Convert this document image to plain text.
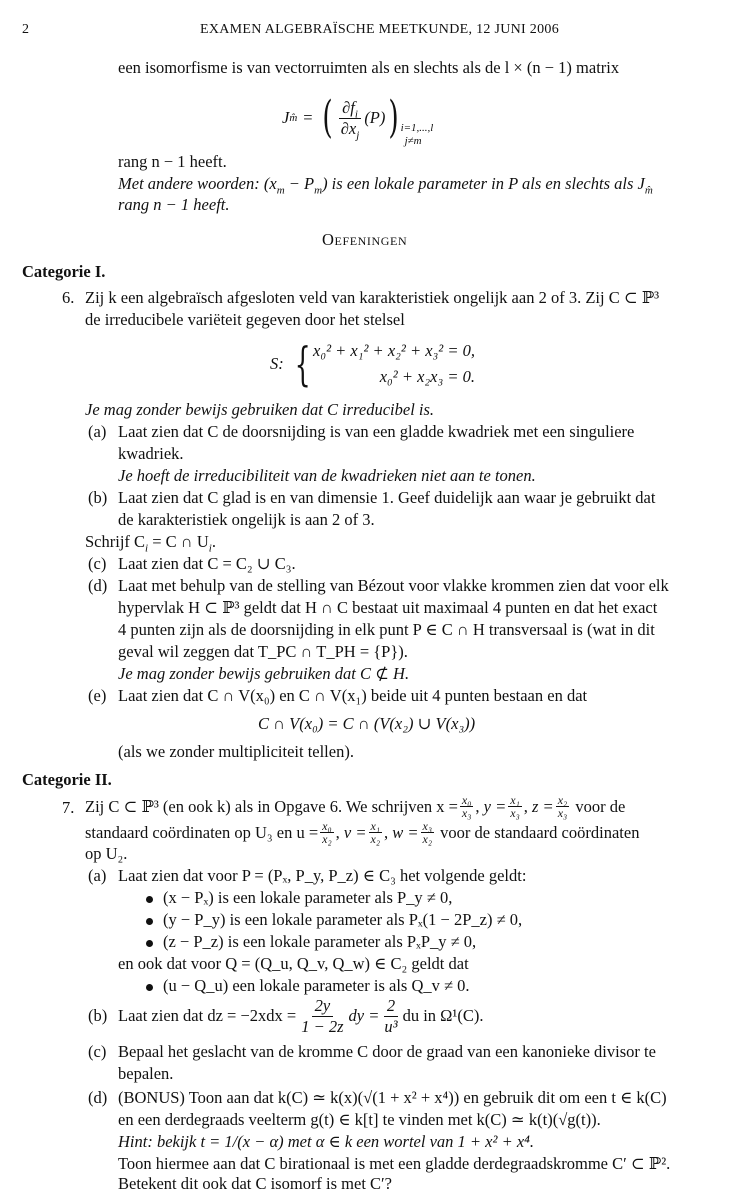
2	EXAMEN ALGEBRAÏSCHE MEETKUNDE, 12 JUNI 2006
een isomorfisme is van vectorruimten als en slechts als de l × (n − 1) matrix
J m̂ = ( $\partial f_i$
$\partial x_j$
(P) ) i=1,...,l
j≠m
rang n − 1 heeft.
Met andere woorden: $(x_m - P_m)$ is een lokale parameter in P als en slechts als $J_{m̂}$
rang n − 1 heeft.
Oefeningen
Categorie I.
6. Zij k een algebraïsch afgesloten veld van karakteristiek ongelijk aan 2 of 3. Zij C ⊂ ℙ³
de irreducibele variëteit gegeven door het stelsel
S: { x₀² + x₁² + x₂² + x₃² = 0,
x₀² + x₂x₃ = 0.
Je mag zonder bewijs gebruiken dat C irreducibel is.
(a) Laat zien dat C de doorsnijding is van een gladde kwadriek met een singuliere
kwadriek.
Je hoeft de irreducibiliteit van de kwadrieken niet aan te tonen.
(b) Laat zien dat C glad is en van dimensie 1. Geef duidelijk aan waar je gebruikt dat
de karakteristiek ongelijk is aan 2 of 3.
Schrijf $C_i = C$ ∩ $U_i$.
(c) Laat zien dat C = C₂ ∪ C₃.
(d) Laat met behulp van de stelling van Bézout voor vlakke krommen zien dat voor elk
hypervlak H ⊂ ℙ³ geldt dat H ∩ C bestaat uit maximaal 4 punten en dat het exact
4 punten zijn als de doorsnijding in elk punt P ∈ C ∩ H transversaal is (wat in dit
geval wil zeggen dat T_PC ∩ T_PH = {P}).
Je mag zonder bewijs gebruiken dat C ⊄ H.
(e) Laat zien dat C ∩ V(x₀) en C ∩ V(x₁) beide uit 4 punten bestaan en dat
C ∩ V(x₀) = C ∩ (V(x₂) ∪ V(x₃))
(als we zonder multipliciteit tellen).
Categorie II.
7. Zij C ⊂ ℙ³ (en ook k) als in Opgave 6. We schrijven $x = \frac{\text{x₀}}{\text{x₃}}$ , $y = \frac{\text{x₁}}{\text{x₃}}$ , $z = \frac{\text{x₂}}{\text{x₃}}$
voor de
standaard coördinaten op U₃ en $u = \frac{\text{x₀}}{\text{x₂}}$ , $v = \frac{\text{x₁}}{\text{x₂}}$ , $w = \frac{\text{x₃}}{\text{x₂}}$
voor de standaard coördinaten
op U₂.
(a) Laat zien dat voor P = (Pₓ, P_y, P_z) ∈ C₃ het volgende geldt:
(x − Pₓ) is een lokale parameter als P_y ≠ 0,
(y − P_y) is een lokale parameter als Pₓ(1 − 2P_z) ≠ 0,
(z − P_z) is een lokale parameter als PₓP_y ≠ 0,
en ook dat voor Q = (Q_u, Q_v, Q_w) ∈ C₂ geldt dat
(u − Q_u) een lokale parameter is als Q_v ≠ 0.
(b) Laat zien dat dz = $-2xdx = \frac{2y}{1 - 2z}$ dy = $\frac{2}{\text{u³}}$ du in Ω¹(C).
(c) Bepaal het geslacht van de kromme C door de graad van een kanonieke divisor te
bepalen.
(d) (BONUS) Toon aan dat k(C) ≃ k(x)(√(1 + x² + x⁴)) en gebruik dit om een t ∈ k(C)
en een derdegraads veelterm g(t) ∈ k[t] te vinden met k(C) ≃ k(t)(√g(t)).
Hint: bekijk t = 1/(x − α) met α ∈ k een wortel van 1 + x² + x⁴.
Toon hiermee aan dat C birationaal is met een gladde derdegraadskromme C′ ⊂ ℙ².
Betekent dit ook dat C isomorf is met C′?
